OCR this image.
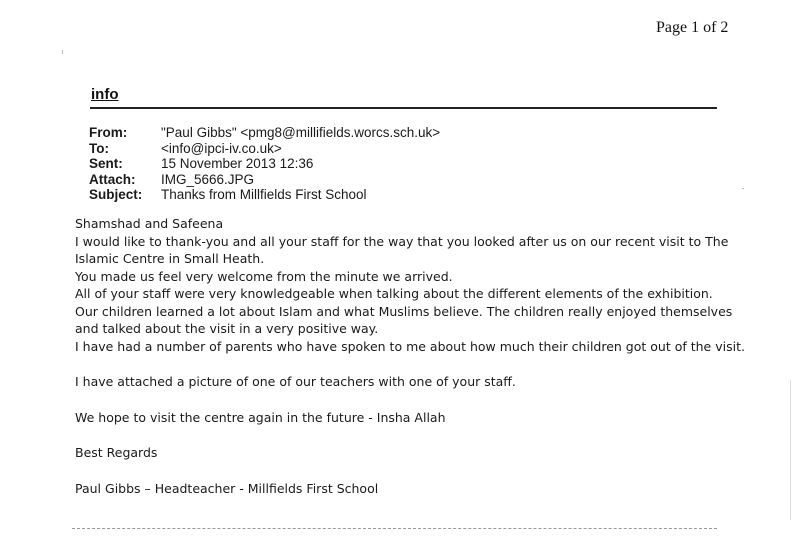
Page 1 of 2
info
From:	"Paul Gibbs" <pmg8@millifields.worcs.sch.uk>
To:	<info@ipci-iv.co.uk>
Sent:	15 November 2013 12:36
Attach:	IMG_5666.JPG
Subject:	Thanks from Millfields First School

Shamshad and Safeena

I would like to thank-you and all your staff for the way that you looked after us on our recent visit to The

Islamic Centre in Small Heath.

You made us feel very welcome from the minute we arrived.

All of your staff were very knowledgeable when talking about the different elements of the exhibition.

Our children learned a lot about Islam and what Muslims believe. The children really enjoyed themselves

and talked about the visit in a very positive way.

I have had a number of parents who have spoken to me about how much their children got out of the visit.

I have attached a picture of one of our teachers with one of your staff.

We hope to visit the centre again in the future - Insha Allah

Best Regards

Paul Gibbs – Headteacher - Millfields First School
